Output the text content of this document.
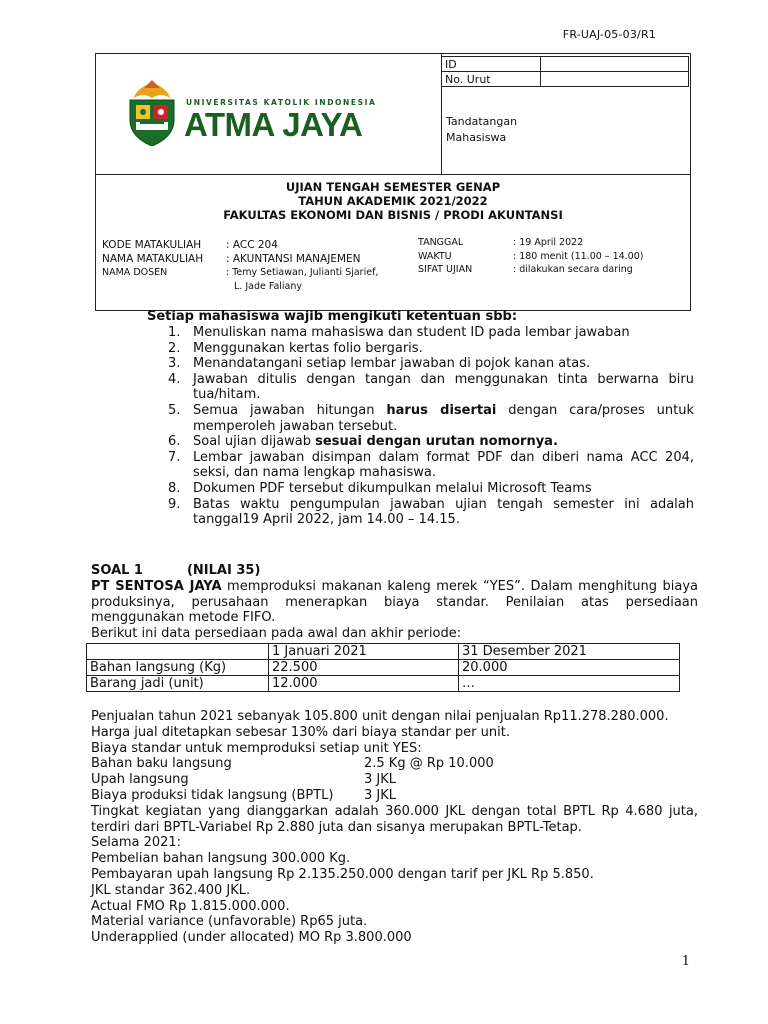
FR-UAJ-05-03/R1
UNIVERSITAS KATOLIK INDONESIA
ATMA JAYA
ID	
No. Urut	
Tandatangan
Mahasiswa
UJIAN TENGAH SEMESTER GENAP
TAHUN AKADEMIK 2021/2022
FAKULTAS EKONOMI DAN BISNIS / PRODI AKUNTANSI
KODE MATAKULIAH	: ACC 204
NAMA MATAKULIAH	: AKUNTANSI MANAJEMEN
NAMA DOSEN	: Temy Setiawan, Julianti Sjarief,
L. Jade Faliany
TANGGAL	: 19 April 2022
WAKTU	: 180 menit (11.00 – 14.00)
SIFAT UJIAN	: dilakukan secara daring
Setiap mahasiswa wajib mengikuti ketentuan sbb:
1. Menuliskan nama mahasiswa dan student ID pada lembar jawaban
2. Menggunakan kertas folio bergaris.
3. Menandatangani setiap lembar jawaban di pojok kanan atas.
4. Jawaban ditulis dengan tangan dan menggunakan tinta berwarna biru tua/hitam.
5. Semua jawaban hitungan harus disertai dengan cara/proses untuk memperoleh jawaban tersebut.
6. Soal ujian dijawab sesuai dengan urutan nomornya.
7. Lembar jawaban disimpan dalam format PDF dan diberi nama ACC 204, seksi, dan nama lengkap mahasiswa.
8. Dokumen PDF tersebut dikumpulkan melalui Microsoft Teams
9. Batas waktu pengumpulan jawaban ujian tengah semester ini adalah tanggal19 April 2022, jam 14.00 – 14.15.

SOAL 1	(NILAI 35)

PT SENTOSA JAYA memproduksi makanan kaleng merek “YES”. Dalam menghitung biaya produksinya, perusahaan menerapkan biaya standar. Penilaian atas persediaan menggunakan metode FIFO.

Berikut ini data persediaan pada awal dan akhir periode:

	1 Januari 2021	31 Desember 2021
Bahan langsung (Kg)	22.500	20.000
Barang jadi (unit)	12.000	…

Penjualan tahun 2021 sebanyak 105.800 unit dengan nilai penjualan Rp11.278.280.000.

Harga jual ditetapkan sebesar 130% dari biaya standar per unit.

Biaya standar untuk memproduksi setiap unit YES:

Bahan baku langsung	2.5 Kg @ Rp 10.000
Upah langsung	3 JKL
Biaya produksi tidak langsung (BPTL)	3 JKL

Tingkat kegiatan yang dianggarkan adalah 360.000 JKL dengan total BPTL Rp 4.680 juta, terdiri dari BPTL-Variabel Rp 2.880 juta dan sisanya merupakan BPTL-Tetap.

Selama 2021:

Pembelian bahan langsung 300.000 Kg.

Pembayaran upah langsung Rp 2.135.250.000 dengan tarif per JKL Rp 5.850.

JKL standar 362.400 JKL.

Actual FMO Rp 1.815.000.000.

Material variance (unfavorable) Rp65 juta.

Underapplied (under allocated) MO Rp 3.800.000

1
